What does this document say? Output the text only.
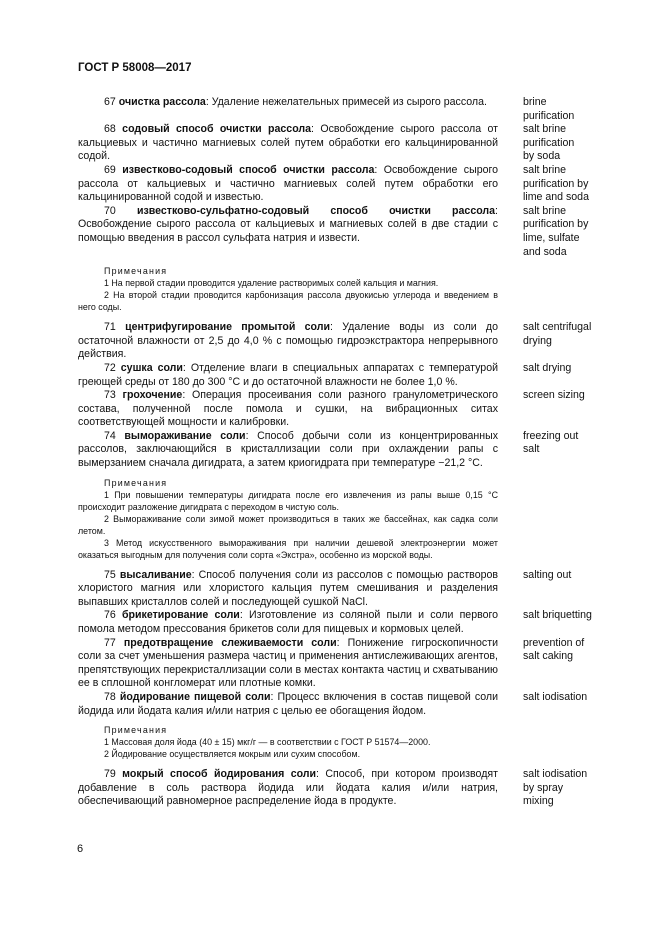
ГОСТ Р 58008—2017

67 очистка рассола: Удаление нежелательных примесей из сырого рассола.	brine
purification

68 содовый способ очистки рассола: Освобождение сырого рассола от кальциевых и частично магниевых солей путем обработки его кальцинированной содой.

salt brine
purification
by soda

69 известково-содовый способ очистки рассола: Освобождение сырого рассола от кальциевых и частично магниевых солей путем обработки его кальцинированной содой и известью.

salt brine
purification by
lime and soda

70 известково-сульфатно-содовый способ очистки рассола: Освобождение сырого рассола от кальциевых и магниевых солей в две стадии с помощью введения в рассол сульфата натрия и извести.

salt brine
purification by
lime, sulfate
and soda
Примечания

1 На первой стадии проводится удаление растворимых солей кальция и магния.

2 На второй стадии проводится карбонизация рассола двуокисью углерода и введением в него соды.

71 центрифугирование промытой соли: Удаление воды из соли до остаточной влажности от 2,5 до 4,0 % с помощью гидроэкстрактора непрерывного действия.

salt centrifugal
drying

72 сушка соли: Отделение влаги в специальных аппаратах с температурой греющей среды от 180 до 300 °С и до остаточной влажности не более 1,0 %.

salt drying

73 грохочение: Операция просеивания соли разного гранулометрического состава, полученной после помола и сушки, на вибрационных ситах соответствующей мощности и калибровки.

screen sizing

74 вымораживание соли: Способ добычи соли из концентрированных рассолов, заключающийся в кристаллизации соли при охлаждении рапы с вымерзанием сначала дигидрата, а затем криогидрата при температуре −21,2 °С.

freezing out
salt
Примечания

1 При повышении температуры дигидрата после его извлечения из рапы выше 0,15 °С происходит разложение дигидрата с переходом в чистую соль.

2 Вымораживание соли зимой может производиться в таких же бассейнах, как садка соли летом.

3 Метод искусственного вымораживания при наличии дешевой электроэнергии может оказаться выгодным для получения соли сорта «Экстра», особенно из морской воды.

75 высаливание: Способ получения соли из рассолов с помощью растворов хлористого магния или хлористого кальция путем смешивания и разделения выпавших кристаллов солей и последующей сушкой NaCl.

salting out

76 брикетирование соли: Изготовление из соляной пыли и соли первого помола методом прессования брикетов соли для пищевых и кормовых целей.

salt briquetting

77 предотвращение слеживаемости соли: Понижение гигроскопичности соли за счет уменьшения размера частиц и применения антислеживающих агентов, препятствующих перекристаллизации соли в местах контакта частиц и схватыванию ее в сплошной конгломерат или плотные комки.

prevention of
salt caking

78 йодирование пищевой соли: Процесс включения в состав пищевой соли йодида или йодата калия и/или натрия с целью ее обогащения йодом.

salt iodisation
Примечания

1 Массовая доля йода (40 ± 15) мкг/г — в соответствии с ГОСТ Р 51574—2000.

2 Йодирование осуществляется мокрым или сухим способом.

79 мокрый способ йодирования соли: Способ, при котором производят добавление в соль раствора йодида или йодата калия и/или натрия, обеспечивающий равномерное распределение йода в продукте.

salt iodisation
by spray
mixing
6
